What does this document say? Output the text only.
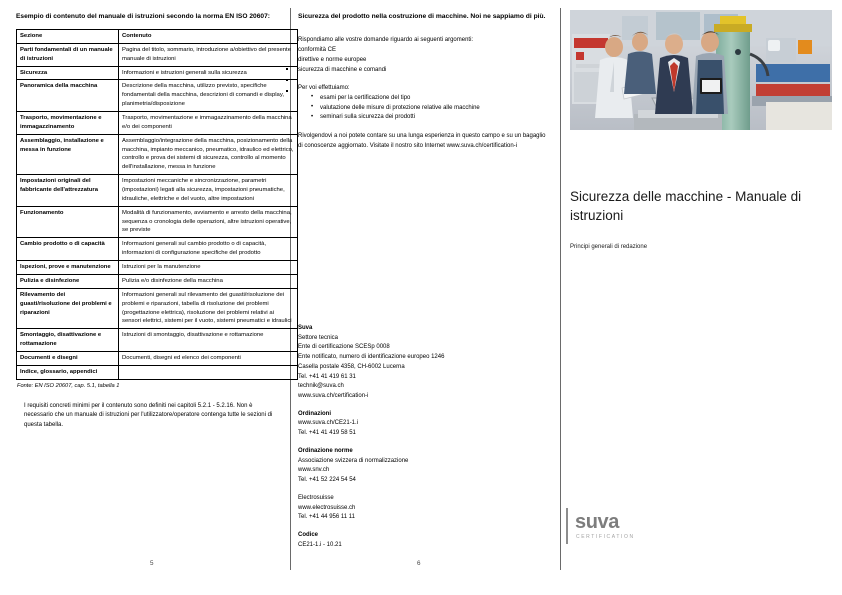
Esempio di contenuto del manuale di istruzioni secondo la norma EN ISO 20607:
Sezione	Contenuto
Parti fondamentali di un manuale di istruzioni	Pagina del titolo, sommario, introduzione a/obiettivo del presente manuale di istruzioni
Sicurezza	Informazioni e istruzioni generali sulla sicurezza
Panoramica della macchina	Descrizione della macchina, utilizzo previsto, specifiche fondamentali della macchina, descrizioni di comandi e display, planimetria/disposizione
Trasporto, movimentazione e immagazzinamento	Trasporto, movimentazione e immagazzinamento della macchina e/o dei componenti
Assemblaggio, installazione e messa in funzione	Assemblaggio/integrazione della macchina, posizionamento della macchina, impianto meccanico, pneumatico, idraulico ed elettrico, controllo e prova dei sistemi di sicurezza, controllo al momento dell'installazione, messa in funzione
Impostazioni originali del fabbricante dell'attrezzatura	Impostazioni meccaniche e sincronizzazione, parametri (impostazioni) legati alla sicurezza, impostazioni pneumatiche, idrauliche, elettriche e del vuoto, altre impostazioni
Funzionamento	Modalità di funzionamento, avviamento e arresto della macchina, sequenza o cronologia delle operazioni, altre istruzioni operative, se previste
Cambio prodotto o di capacità	Informazioni generali sul cambio prodotto o di capacità, informazioni di configurazione specifiche del prodotto
Ispezioni, prove e manutenzione	Istruzioni per la manutenzione
Pulizia e disinfezione	Pulizia e/o disinfezione della macchina
Rilevamento dei guasti/risoluzione dei problemi e riparazioni	Informazioni generali sul rilevamento dei guasti/risoluzione dei problemi e riparazioni, tabella di risoluzione dei problemi (progettazione elettrica), risoluzione dei problemi relativi ai sensori elettrici, sistemi per il vuoto, sistemi pneumatici e idraulici
Smontaggio, disattivazione e rottamazione	Istruzioni di smontaggio, disattivazione e rottamazione
Documenti e disegni	Documenti, disegni ed elenco dei componenti
Indice, glossario, appendici	
Fonte: EN ISO 20607, cap. 5.1, tabella 1
I requisiti concreti minimi per il contenuto sono definiti nei capitoli 5.2.1 - 5.2.16. Non è necessario che un manuale di istruzioni per l'utilizzatore/operatore contenga tutte le sezioni di questa tabella.
Sicurezza del prodotto nella costruzione di macchine. Noi ne sappiamo di più.
Rispondiamo alle vostre domande riguardo ai seguenti argomenti:
conformità CE
direttive e norme europee
sicurezza di macchine e comandi
Per voi effettuiamo:
• esami per la certificazione del tipo
• valutazione delle misure di protezione relative alle macchine
• seminari sulla sicurezza dei prodotti
Rivolgendovi a noi potete contare su una lunga esperienza in questo campo e su un bagaglio di conoscenze aggiornato. Visitate il nostro sito Internet www.suva.ch/certification-i
Suva
Settore tecnica
Ente di certificazione SCESp 0008
Ente notificato, numero di identificazione europeo 1246
Casella postale 4358, CH-6002 Lucerna
Tel. +41 41 419 61 31
technik@suva.ch
www.suva.ch/certification-i
Ordinazioni
www.suva.ch/CE21-1.i
Tel. +41 41 419 58 51
Ordinazione norme
Associazione svizzera di normalizzazione
www.snv.ch
Tel. +41 52 224 54 54
Electrosuisse
www.electrosuisse.ch
Tel. +41 44 956 11 11
Codice
CE21-1.i - 10.21
Sicurezza delle macchine - Manuale di istruzioni
Principi generali di redazione
suva
CERTIFICATION
5	6
